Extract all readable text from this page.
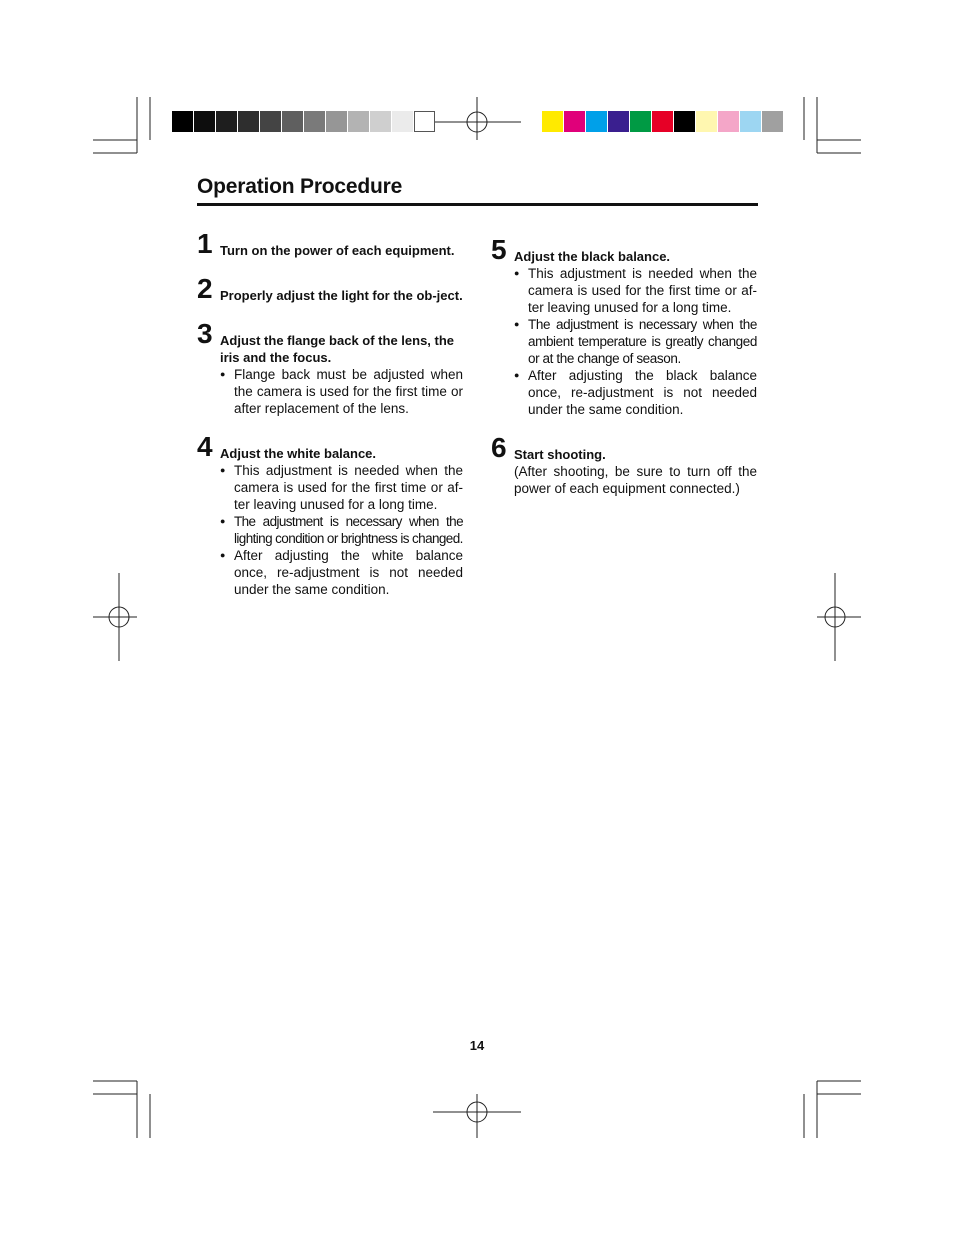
Operation Procedure
1 Turn on the power of each equipment.

2 Properly adjust the light for the ob-ject.

3 Adjust the flange back of the lens, the iris and the focus.

● Flange back must be adjusted when the camera is used for the first time or after replacement of the lens.
4 Adjust the white balance.

● This adjustment is needed when the camera is used for the first time or af-ter leaving unused for a long time.
● The adjustment is necessary when the lighting condition or brightness is changed.
● After adjusting the white balance once, re-adjustment is not needed under the same condition.
5 Adjust the black balance.

● This adjustment is needed when the camera is used for the first time or af-ter leaving unused for a long time.
● The adjustment is necessary when the ambient temperature is greatly changed or at the change of season.
● After adjusting the black balance once, re-adjustment is not needed under the same condition.
6 Start shooting.

(After shooting, be sure to turn off the power of each equipment connected.)

14
